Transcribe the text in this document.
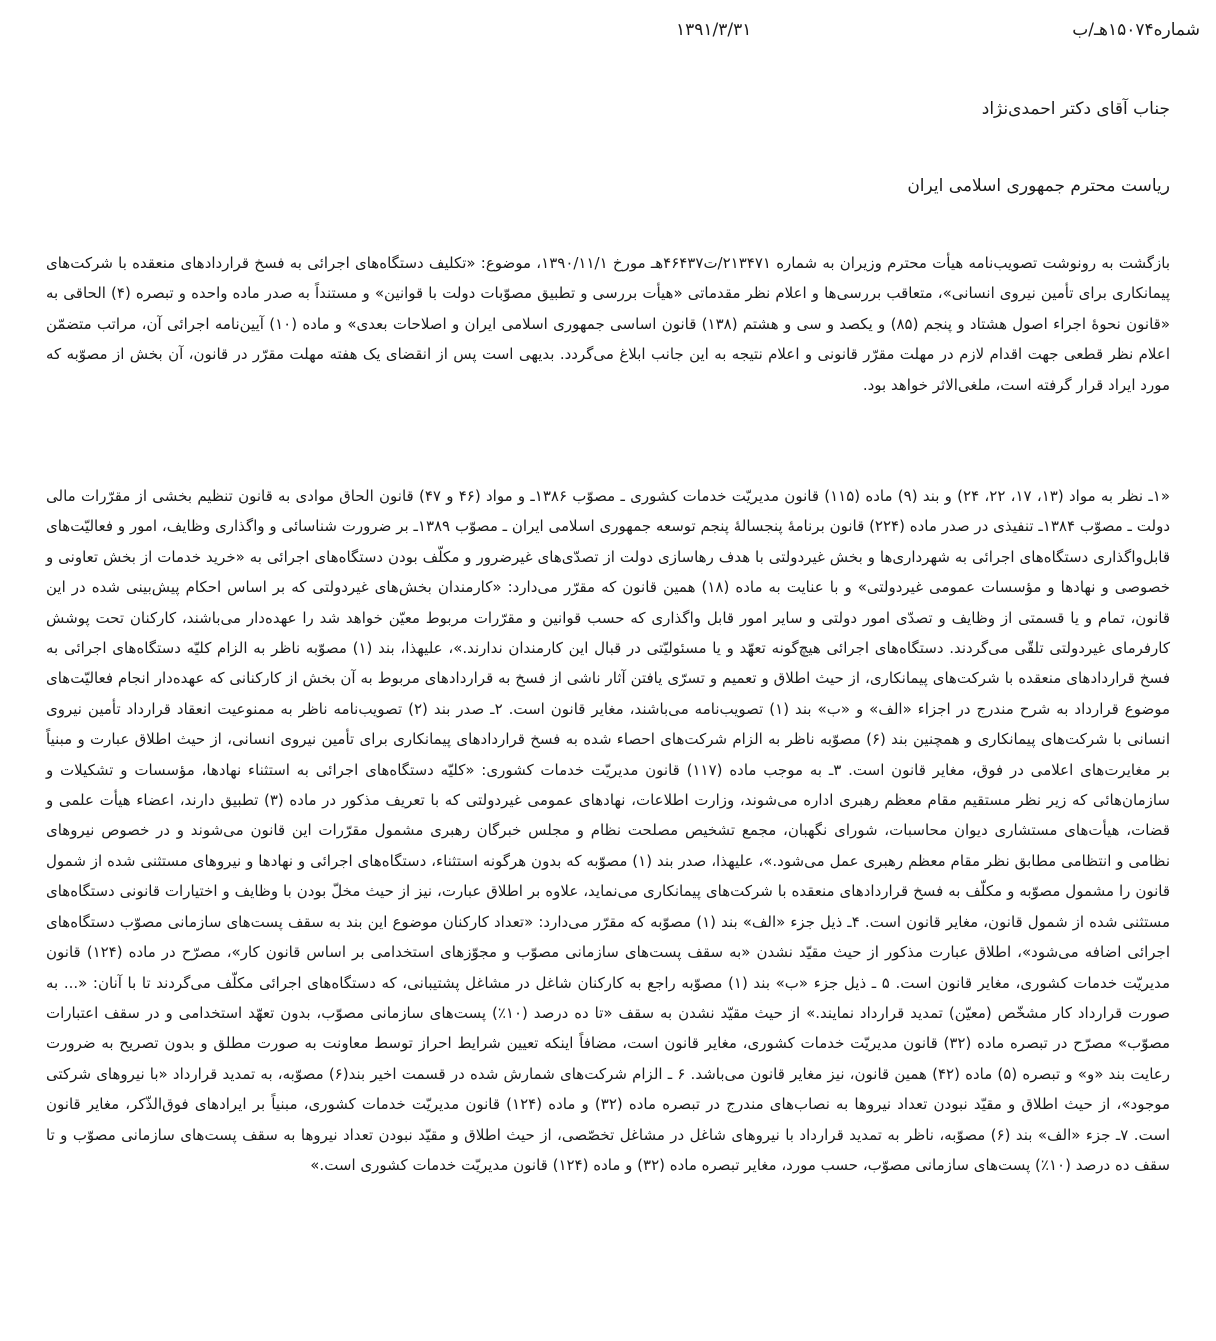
شماره۱۵۰۷۴هـ/ب
۱۳۹۱/۳/۳۱
جناب آقای دکتر احمدی‌نژاد
ریاست محترم جمهوری اسلامی ایران

بازگشت به رونوشت تصویب‌نامه هیأت محترم وزیران به شماره ۲۱۳۴۷۱/ت۴۶۴۳۷هـ مورخ ۱۳۹۰/۱۱/۱، موضوع: «تکلیف دستگاه‌های اجرائی به فسخ قراردادهای منعقده با شرکت‌های پیمانکاری برای تأمین نیروی انسانی»، متعاقب بررسی‌ها و اعلام نظر مقدماتی «هیأت بررسی و تطبیق مصوّبات دولت با قوانین» و مستنداً به صدر ماده واحده و تبصره (۴) الحاقی به «قانون نحوهٔ اجراء اصول هشتاد و پنجم (۸۵) و یکصد و سی و هشتم (۱۳۸) قانون اساسی جمهوری اسلامی ایران و اصلاحات بعدی» و ماده (۱۰) آیین‌نامه اجرائی آن، مراتب متضمّن اعلام نظر قطعی جهت اقدام لازم در مهلت مقرّر قانونی و اعلام نتیجه به این جانب ابلاغ می‌گردد. بدیهی است پس از انقضای یک هفته مهلت مقرّر در قانون، آن بخش از مصوّبه که مورد ایراد قرار گرفته است، ملغی‌الاثر خواهد بود.

«۱ـ نظر به مواد (۱۳، ۱۷، ۲۲، ۲۴) و بند (۹) ماده (۱۱۵) قانون مدیریّت خدمات کشوری ـ مصوّب ۱۳۸۶ـ و مواد (۴۶ و ۴۷) قانون الحاق موادی به قانون تنظیم بخشی از مقرّرات مالی دولت ـ مصوّب ۱۳۸۴ـ تنفیذی در صدر ماده (۲۲۴) قانون برنامهٔ پنجسالهٔ پنجم توسعه جمهوری اسلامی ایران ـ مصوّب ۱۳۸۹ـ بر ضرورت شناسائی و واگذاری وظایف، امور و فعالیّت‌های قابل‌واگذاری دستگاه‌های اجرائی به شهرداری‌ها و بخش غیردولتی با هدف رهاسازی دولت از تصدّی‌های غیرضرور و مکلّف بودن دستگاه‌های اجرائی به «خرید خدمات از بخش تعاونی و خصوصی و نهادها و مؤسسات عمومی غیردولتی» و با عنایت به ماده (۱۸) همین قانون که مقرّر می‌دارد: «کارمندان بخش‌های غیردولتی که بر اساس احکام پیش‌بینی شده در این قانون، تمام و یا قسمتی از وظایف و تصدّی امور دولتی و سایر امور قابل واگذاری که حسب قوانین و مقرّرات مربوط معیّن خواهد شد را عهده‌دار می‌باشند، کارکنان تحت پوشش کارفرمای غیردولتی تلقّی می‌گردند. دستگاه‌های اجرائی هیچ‌گونه تعهّد و یا مسئولیّتی در قبال این کارمندان ندارند.»، علیهذا، بند (۱) مصوّبه ناظر به الزام کلیّه دستگاه‌های اجرائی به فسخ قراردادهای منعقده با شرکت‌های پیمانکاری، از حیث اطلاق و تعمیم و تسرّی یافتن آثار ناشی از فسخ به قراردادهای مربوط به آن بخش از کارکنانی که عهده‌دار انجام فعالیّت‌های موضوع قرارداد به شرح مندرج در اجزاء «الف» و «ب» بند (۱) تصویب‌نامه می‌باشند، مغایر قانون است. ۲ـ صدر بند (۲) تصویب‌نامه ناظر به ممنوعیت انعقاد قرارداد تأمین نیروی انسانی با شرکت‌های پیمانکاری و همچنین بند (۶) مصوّبه ناظر به الزام شرکت‌های احصاء شده به فسخ قراردادهای پیمانکاری برای تأمین نیروی انسانی، از حیث اطلاق عبارت و مبنیاً بر مغایرت‌های اعلامی در فوق، مغایر قانون است. ۳ـ به موجب ماده (۱۱۷) قانون مدیریّت خدمات کشوری: «کلیّه دستگاه‌های اجرائی به استثناء نهادها، مؤسسات و تشکیلات و سازمان‌هائی که زیر نظر مستقیم مقام معظم رهبری اداره می‌شوند، وزارت اطلاعات، نهادهای عمومی غیردولتی که با تعریف مذکور در ماده (۳) تطبیق دارند، اعضاء هیأت علمی و قضات، هیأت‌های مستشاری دیوان محاسبات، شورای نگهبان، مجمع تشخیص مصلحت نظام و مجلس خبرگان رهبری مشمول مقرّرات این قانون می‌شوند و در خصوص نیروهای نظامی و انتظامی مطابق نظر مقام معظم رهبری عمل می‌شود.»، علیهذا، صدر بند (۱) مصوّبه که بدون هرگونه استثناء، دستگاه‌های اجرائی و نهادها و نیروهای مستثنی شده از شمول قانون را مشمول مصوّبه و مکلّف به فسخ قراردادهای منعقده با شرکت‌های پیمانکاری می‌نماید، علاوه بر اطلاق عبارت، نیز از حیث مخلّ بودن با وظایف و اختیارات قانونی دستگاه‌های مستثنی شده از شمول قانون، مغایر قانون است. ۴ـ ذیل جزء «الف» بند (۱) مصوّبه که مقرّر می‌دارد: «تعداد کارکنان موضوع این بند به سقف پست‌های سازمانی مصوّب دستگاه‌های اجرائی اضافه می‌شود»، اطلاق عبارت مذکور از حیث مقیّد نشدن «به سقف پست‌های سازمانی مصوّب و مجوّزهای استخدامی بر اساس قانون کار»، مصرّح در ماده (۱۲۴) قانون مدیریّت خدمات کشوری، مغایر قانون است. ۵ ـ ذیل جزء «ب» بند (۱) مصوّبه راجع به کارکنان شاغل در مشاغل پشتیبانی، که دستگاه‌های اجرائی مکلّف می‌گردند تا با آنان: «... به صورت قرارداد کار مشخّص (معیّن) تمدید قرارداد نمایند.» از حیث مقیّد نشدن به سقف «تا ده درصد (۱۰٪) پست‌های سازمانی مصوّب، بدون تعهّد استخدامی و در سقف اعتبارات مصوّب» مصرّح در تبصره ماده (۳۲) قانون مدیریّت خدمات کشوری، مغایر قانون است، مضافاً اینکه تعیین شرایط احراز توسط معاونت به صورت مطلق و بدون تصریح به ضرورت رعایت بند «و» و تبصره (۵) ماده (۴۲) همین قانون، نیز مغایر قانون می‌باشد. ۶ ـ الزام شرکت‌های شمارش شده در قسمت اخیر بند(۶) مصوّبه، به تمدید قرارداد «با نیروهای شرکتی موجود»، از حیث اطلاق و مقیّد نبودن تعداد نیروها به نصاب‌های مندرج در تبصره ماده (۳۲) و ماده (۱۲۴) قانون مدیریّت خدمات کشوری، مبنیاً بر ایرادهای فوق‌الذّکر، مغایر قانون است. ۷ـ جزء «الف» بند (۶) مصوّبه، ناظر به تمدید قرارداد با نیروهای شاغل در مشاغل تخصّصی، از حیث اطلاق و مقیّد نبودن تعداد نیروها به سقف پست‌های سازمانی مصوّب و تا سقف ده درصد (۱۰٪) پست‌های سازمانی مصوّب، حسب مورد، مغایر تبصره ماده (۳۲) و ماده (۱۲۴) قانون مدیریّت خدمات کشوری است.»
